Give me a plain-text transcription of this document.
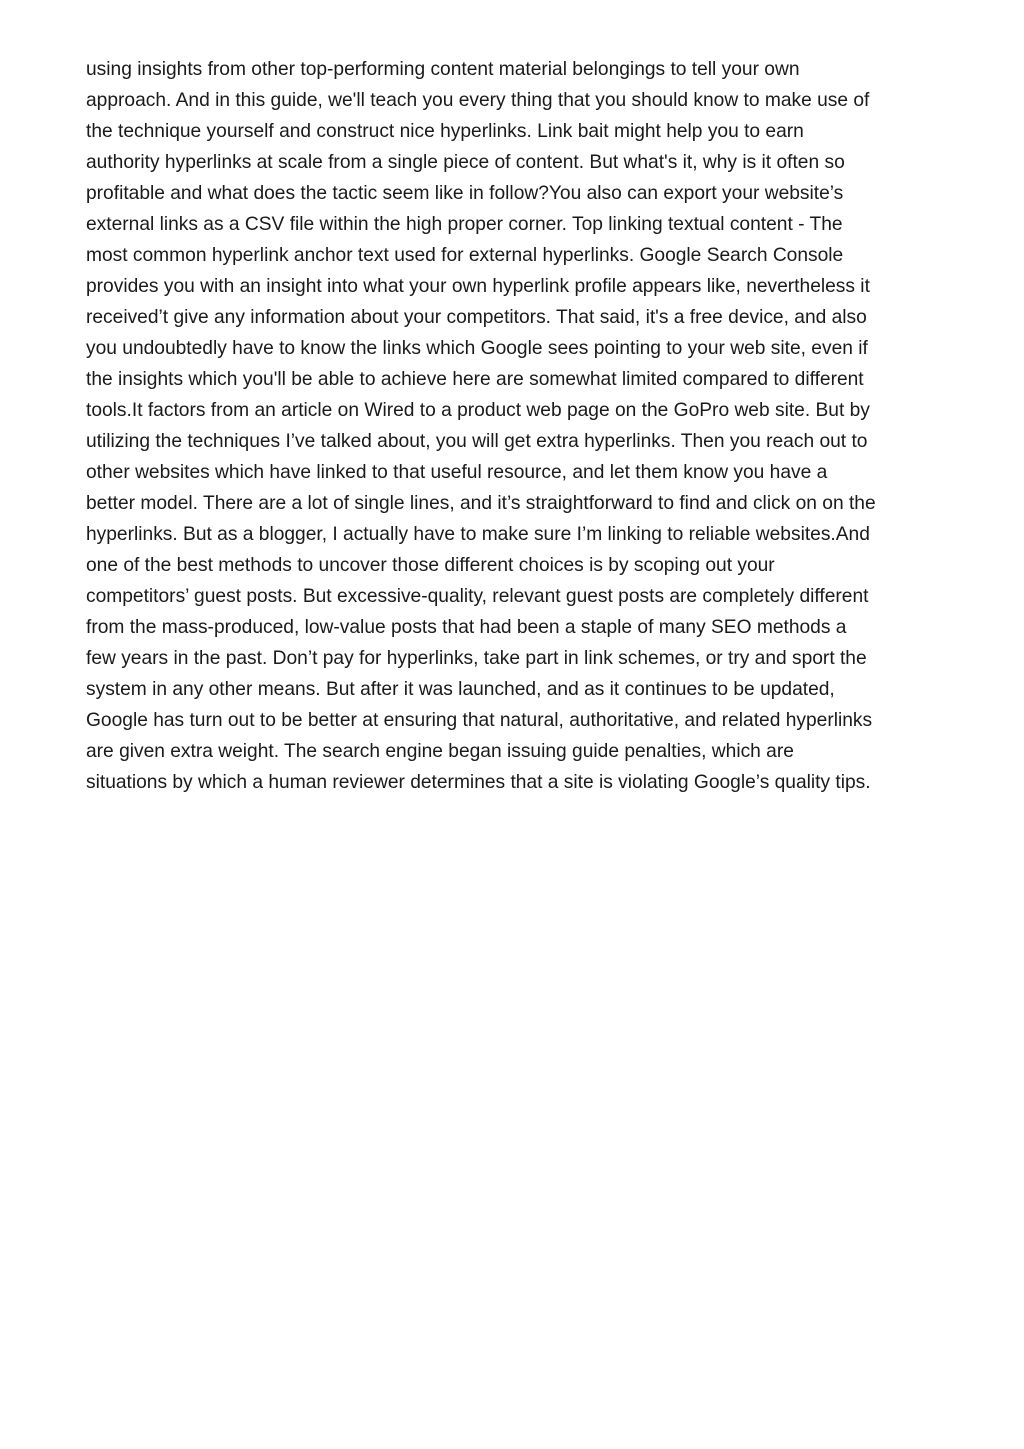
using insights from other top-performing content material belongings to tell your own
approach. And in this guide, we'll teach you every thing that you should know to make use of
the technique yourself and construct nice hyperlinks. Link bait might help you to earn
authority hyperlinks at scale from a single piece of content. But what's it, why is it often so
profitable and what does the tactic seem like in follow?You also can export your website’s
external links as a CSV file within the high proper corner. Top linking textual content - The
most common hyperlink anchor text used for external hyperlinks. Google Search Console
provides you with an insight into what your own hyperlink profile appears like, nevertheless it
received’t give any information about your competitors. That said, it's a free device, and also
you undoubtedly have to know the links which Google sees pointing to your web site, even if
the insights which you'll be able to achieve here are somewhat limited compared to different
tools.It factors from an article on Wired to a product web page on the GoPro web site. But by
utilizing the techniques I’ve talked about, you will get extra hyperlinks. Then you reach out to
other websites which have linked to that useful resource, and let them know you have a
better model. There are a lot of single lines, and it’s straightforward to find and click on on the
hyperlinks. But as a blogger, I actually have to make sure I’m linking to reliable websites.And
one of the best methods to uncover those different choices is by scoping out your
competitors’ guest posts. But excessive-quality, relevant guest posts are completely different
from the mass-produced, low-value posts that had been a staple of many SEO methods a
few years in the past. Don’t pay for hyperlinks, take part in link schemes, or try and sport the
system in any other means. But after it was launched, and as it continues to be updated,
Google has turn out to be better at ensuring that natural, authoritative, and related hyperlinks
are given extra weight. The search engine began issuing guide penalties, which are
situations by which a human reviewer determines that a site is violating Google’s quality tips.
